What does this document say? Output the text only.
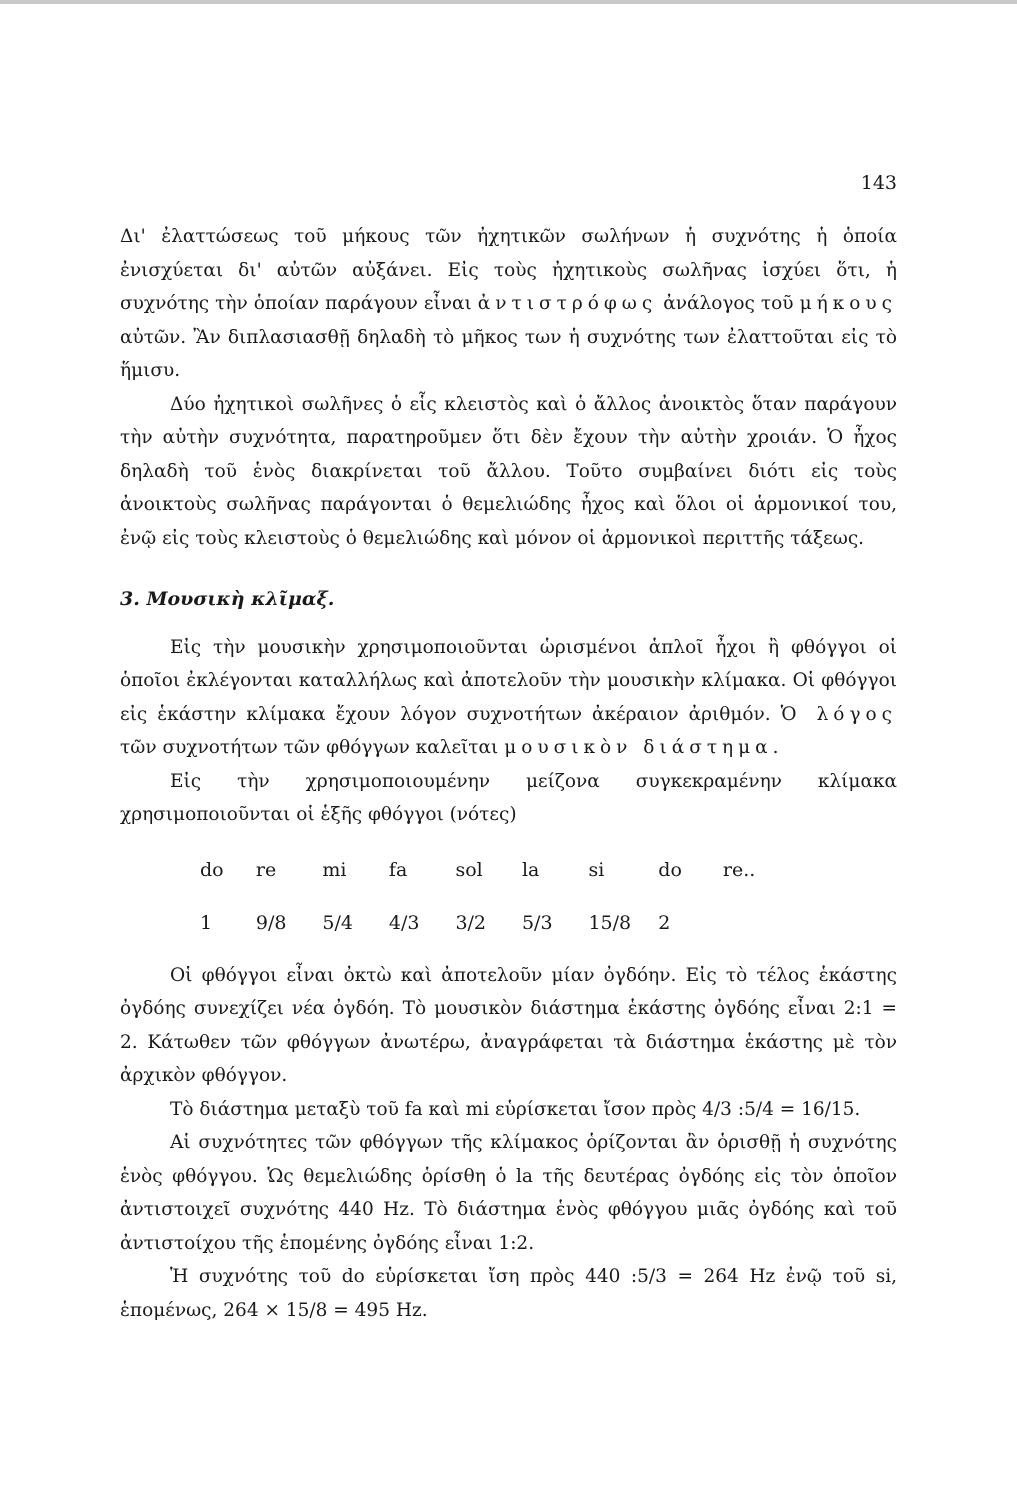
143

Δι' ἐλαττώσεως τοῦ μήκους τῶν ἠχητικῶν σωλήνων ἡ συχνότης ἡ ὁποία ἐνισχύεται δι' αὐτῶν αὐξάνει. Εἰς τοὺς ἠχητικοὺς σωλῆνας ἰσχύει ὅτι, ἡ συχνότης τὴν ὁποίαν παράγουν εἶναι ἀντιστρόφως ἀνάλογος τοῦ μήκους αὐτῶν. Ἂν διπλασιασθῇ δηλαδὴ τὸ μῆκος των ἡ συχνότης των ἐλαττοῦται εἰς τὸ ἥμισυ.

Δύο ἠχητικοὶ σωλῆνες ὁ εἷς κλειστὸς καὶ ὁ ἄλλος ἀνοικτὸς ὅταν παράγουν τὴν αὐτὴν συχνότητα, παρατηροῦμεν ὅτι δὲν ἔχουν τὴν αὐτὴν χροιάν. Ὁ ἦχος δηλαδὴ τοῦ ἑνὸς διακρίνεται τοῦ ἄλλου. Τοῦτο συμβαίνει διότι εἰς τοὺς ἀνοικτοὺς σωλῆνας παράγονται ὁ θεμελιώδης ἦχος καὶ ὅλοι οἱ ἁρμονικοί του, ἐνῷ εἰς τοὺς κλειστοὺς ὁ θεμελιώδης καὶ μόνον οἱ ἁρμονικοὶ περιττῆς τάξεως.

3. Μουσικὴ κλῖμαξ.

Εἰς τὴν μουσικὴν χρησιμοποιοῦνται ὡρισμένοι ἁπλοῖ ἦχοι ἢ φθόγγοι οἱ ὁποῖοι ἐκλέγονται καταλλήλως καὶ ἀποτελοῦν τὴν μουσικὴν κλίμακα. Οἱ φθόγγοι εἰς ἑκάστην κλίμακα ἔχουν λόγον συχνοτήτων ἀκέραιον ἀριθμόν. Ὁ λόγος τῶν συχνοτήτων τῶν φθόγγων καλεῖται μουσικὸν διάστημα.

Εἰς τὴν χρησιμοποιουμένην μείζονα συγκεκραμένην κλίμακα χρησιμοποιοῦνται οἱ ἑξῆς φθόγγοι (νότες)

do	re	mi	fa	sol	la	si	do	re..
1	9/8	5/4	4/3	3/2	5/3	15/8	2	

Οἱ φθόγγοι εἶναι ὀκτὼ καὶ ἀποτελοῦν μίαν ὀγδόην. Εἰς τὸ τέλος ἑκάστης ὀγδόης συνεχίζει νέα ὀγδόη. Τὸ μουσικὸν διάστημα ἑκάστης ὀγδόης εἶναι 2:1 = 2. Κάτωθεν τῶν φθόγγων ἀνωτέρω, ἀναγράφεται τὰ διάστημα ἑκάστης μὲ τὸν ἀρχικὸν φθόγγον.

Τὸ διάστημα μεταξὺ τοῦ fa καὶ mi εὑρίσκεται ἴσον πρὸς 4/3 :5/4 = 16/15.

Αἱ συχνότητες τῶν φθόγγων τῆς κλίμακος ὁρίζονται ἂν ὁρισθῇ ἡ συχνότης ἑνὸς φθόγγου. Ὡς θεμελιώδης ὁρίσθη ὁ la τῆς δευτέρας ὀγδόης εἰς τὸν ὁποῖον ἀντιστοιχεῖ συχνότης 440 Hz. Τὸ διάστημα ἑνὸς φθόγγου μιᾶς ὀγδόης καὶ τοῦ ἀντιστοίχου τῆς ἑπομένης ὀγδόης εἶναι 1:2.

Ἡ συχνότης τοῦ do εὑρίσκεται ἴση πρὸς 440 :5/3 = 264 Hz ἐνῷ τοῦ si, ἑπομένως, 264 × 15/8 = 495 Hz.
